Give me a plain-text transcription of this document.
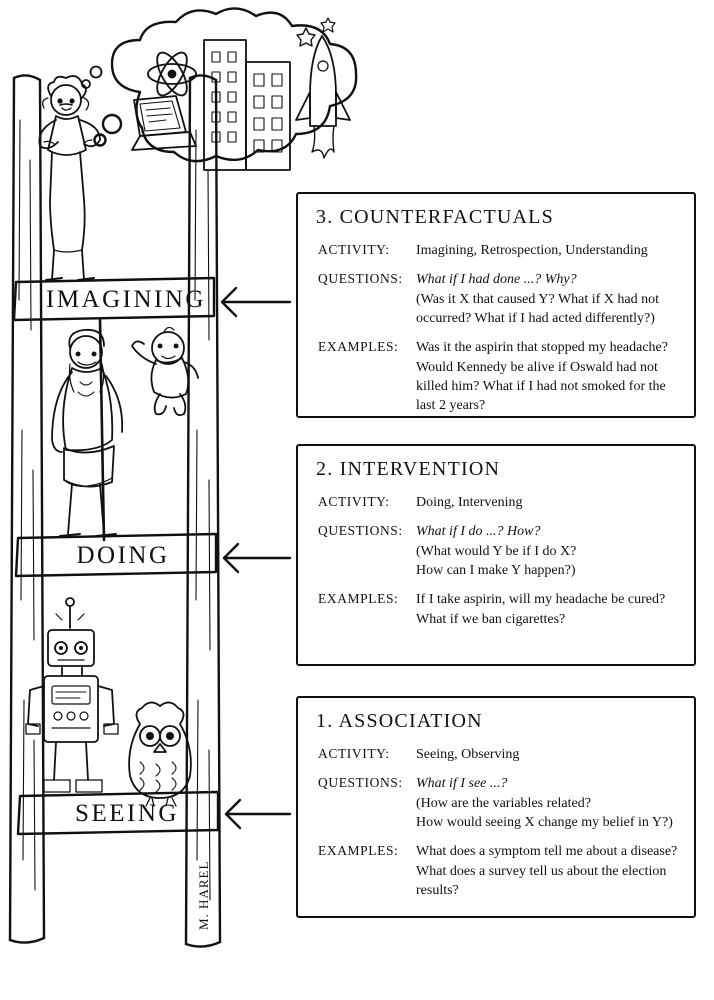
IMAGINING
DOING
SEEING
M. HAREL
3. COUNTERFACTUALS
ACTIVITY:	Imagining, Retrospection, Understanding
QUESTIONS: What if I had done ...? Why?
(Was it X that caused Y? What if X had not occurred? What if I had acted differently?)
EXAMPLES:	Was it the aspirin that stopped my headache? Would Kennedy be alive if Oswald had not killed him? What if I had not smoked for the last 2 years?
2. INTERVENTION
ACTIVITY:	Doing, Intervening
QUESTIONS: What if I do ...? How?
(What would Y be if I do X?
How can I make Y happen?)
EXAMPLES:	If I take aspirin, will my headache be cured?
What if we ban cigarettes?
1. ASSOCIATION
ACTIVITY:	Seeing, Observing
QUESTIONS: What if I see ...?
(How are the variables related?
How would seeing X change my belief in Y?)
EXAMPLES:	What does a symptom tell me about a disease? What does a survey tell us about the election results?
